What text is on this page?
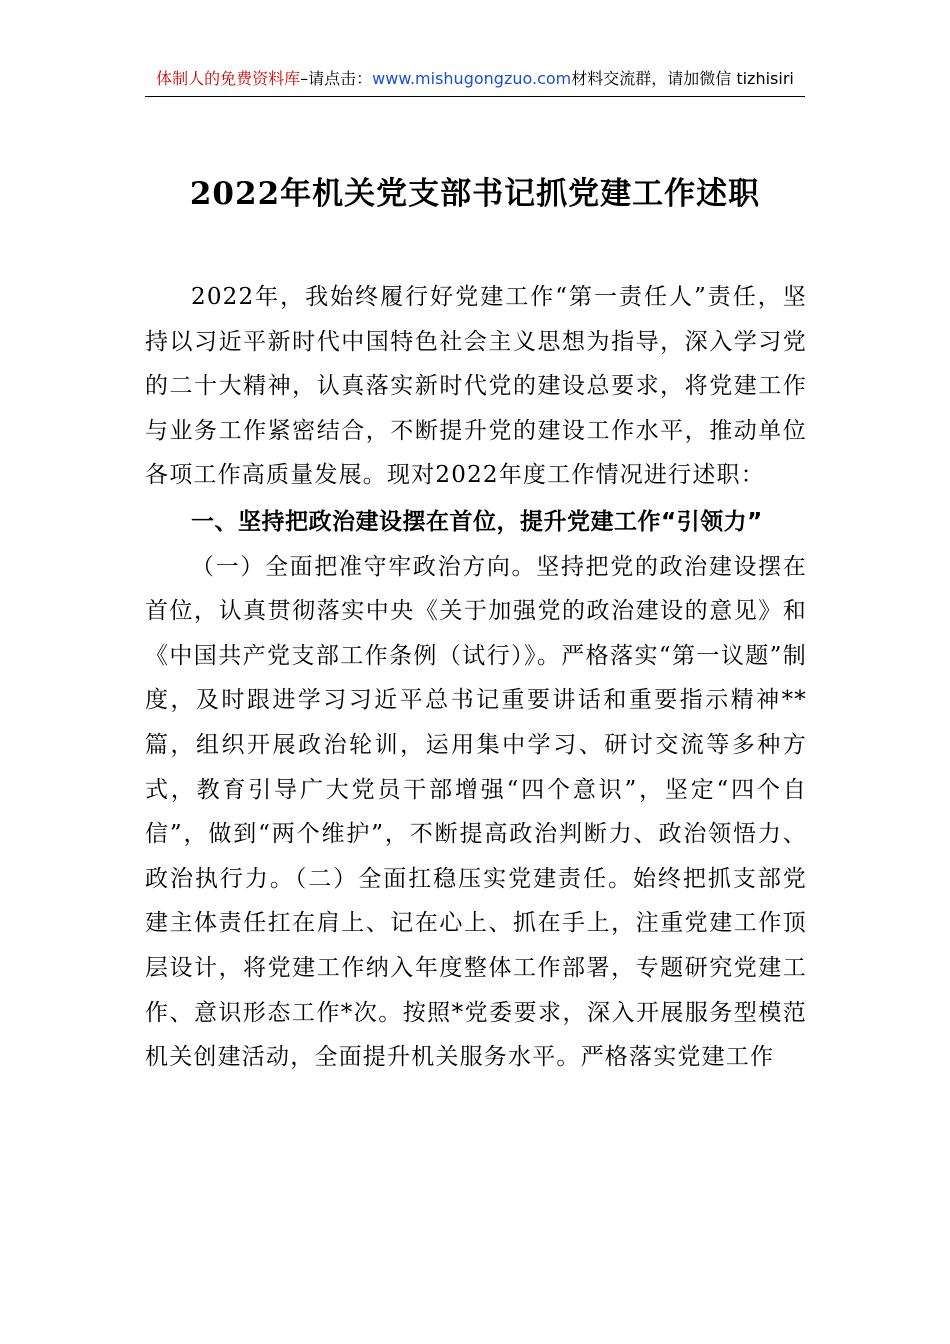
体制人的免费资料库–请点击：www.mishugongzuo.com材料交流群，请加微信 tizhisiri
2022年机关党支部书记抓党建工作述职

2022年，我始终履行好党建工作“第一责任人”责任，坚持以习近平新时代中国特色社会主义思想为指导，深入学习党的二十大精神，认真落实新时代党的建设总要求，将党建工作与业务工作紧密结合，不断提升党的建设工作水平，推动单位各项工作高质量发展。现对2022年度工作情况进行述职：

一、坚持把政治建设摆在首位，提升党建工作“引领力”

（一）全面把准守牢政治方向。坚持把党的政治建设摆在首位，认真贯彻落实中央《关于加强党的政治建设的意见》和《中国共产党支部工作条例（试行）》。严格落实“第一议题”制度，及时跟进学习习近平总书记重要讲话和重要指示精神**篇，组织开展政治轮训，运用集中学习、研讨交流等多种方式，教育引导广大党员干部增强“四个意识”，坚定“四个自信”，做到“两个维护”，不断提高政治判断力、政治领悟力、政治执行力。（二）全面扛稳压实党建责任。始终把抓支部党建主体责任扛在肩上、记在心上、抓在手上，注重党建工作顶层设计，将党建工作纳入年度整体工作部署，专题研究党建工作、意识形态工作*次。按照*党委要求，深入开展服务型模范机关创建活动，全面提升机关服务水平。严格落实党建工作
